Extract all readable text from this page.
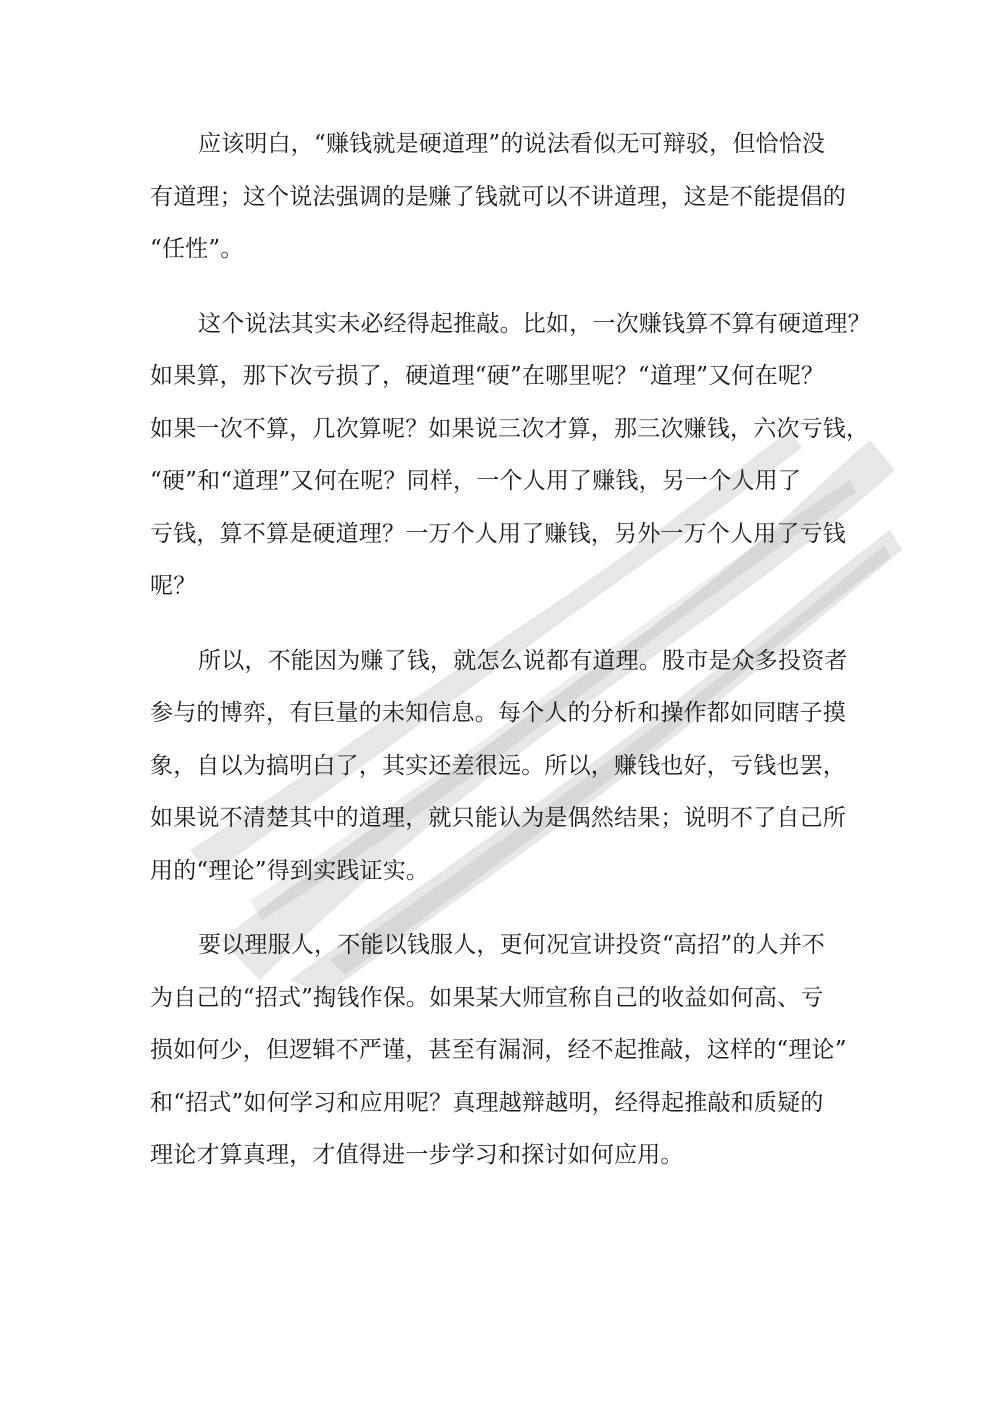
应该明白，“赚钱就是硬道理”的说法看似无可辩驳，但恰恰没
有道理；这个说法强调的是赚了钱就可以不讲道理，这是不能提倡的
“任性”。

这个说法其实未必经得起推敲。比如，一次赚钱算不算有硬道理？
如果算，那下次亏损了，硬道理“硬”在哪里呢？“道理”又何在呢？
如果一次不算，几次算呢？如果说三次才算，那三次赚钱，六次亏钱，
“硬”和“道理”又何在呢？同样，一个人用了赚钱，另一个人用了
亏钱，算不算是硬道理？一万个人用了赚钱，另外一万个人用了亏钱
呢？

所以，不能因为赚了钱，就怎么说都有道理。股市是众多投资者
参与的博弈，有巨量的未知信息。每个人的分析和操作都如同瞎子摸
象，自以为搞明白了，其实还差很远。所以，赚钱也好，亏钱也罢，
如果说不清楚其中的道理，就只能认为是偶然结果；说明不了自己所
用的“理论”得到实践证实。

要以理服人，不能以钱服人，更何况宣讲投资“高招”的人并不
为自己的“招式”掏钱作保。如果某大师宣称自己的收益如何高、亏
损如何少，但逻辑不严谨，甚至有漏洞，经不起推敲，这样的“理论”
和“招式”如何学习和应用呢？真理越辩越明，经得起推敲和质疑的
理论才算真理，才值得进一步学习和探讨如何应用。
